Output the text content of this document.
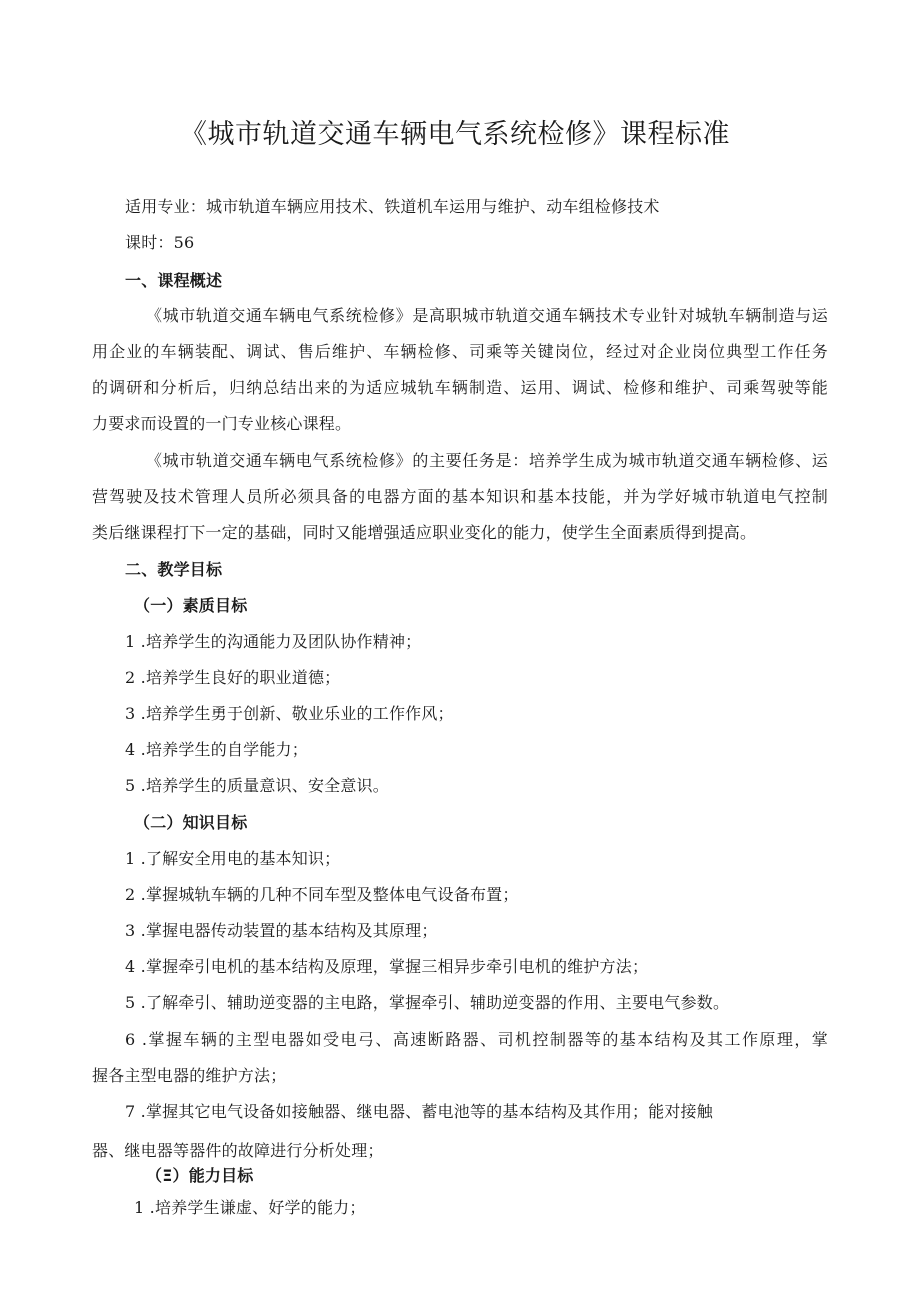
《城市轨道交通车辆电气系统检修》课程标准
适用专业：城市轨道车辆应用技术、铁道机车运用与维护、动车组检修技术
课时：56
一、课程概述
《城市轨道交通车辆电气系统检修》是高职城市轨道交通车辆技术专业针对城轨车辆制造与运
用企业的车辆装配、调试、售后维护、车辆检修、司乘等关键岗位，经过对企业岗位典型工作任务
的调研和分析后，归纳总结出来的为适应城轨车辆制造、运用、调试、检修和维护、司乘驾驶等能
力要求而设置的一门专业核心课程。
《城市轨道交通车辆电气系统检修》的主要任务是：培养学生成为城市轨道交通车辆检修、运
营驾驶及技术管理人员所必须具备的电器方面的基本知识和基本技能，并为学好城市轨道电气控制
类后继课程打下一定的基础，同时又能增强适应职业变化的能力，使学生全面素质得到提高。
二、教学目标
（一）素质目标
1 .培养学生的沟通能力及团队协作精神；
2 .培养学生良好的职业道德；
3 .培养学生勇于创新、敬业乐业的工作作风；
4 .培养学生的自学能力；
5 .培养学生的质量意识、安全意识。
（二）知识目标
1 .了解安全用电的基本知识；
2 .掌握城轨车辆的几种不同车型及整体电气设备布置；
3 .掌握电器传动装置的基本结构及其原理；
4 .掌握牵引电机的基本结构及原理，掌握三相异步牵引电机的维护方法；
5 .了解牵引、辅助逆变器的主电路，掌握牵引、辅助逆变器的作用、主要电气参数。
6 .掌握车辆的主型电器如受电弓、高速断路器、司机控制器等的基本结构及其工作原理，掌
握各主型电器的维护方法；
7 .掌握其它电气设备如接触器、继电器、蓄电池等的基本结构及其作用；能对接触
器、继电器等器件的故障进行分析处理；
（Ξ）能力目标
1 .培养学生谦虚、好学的能力；
